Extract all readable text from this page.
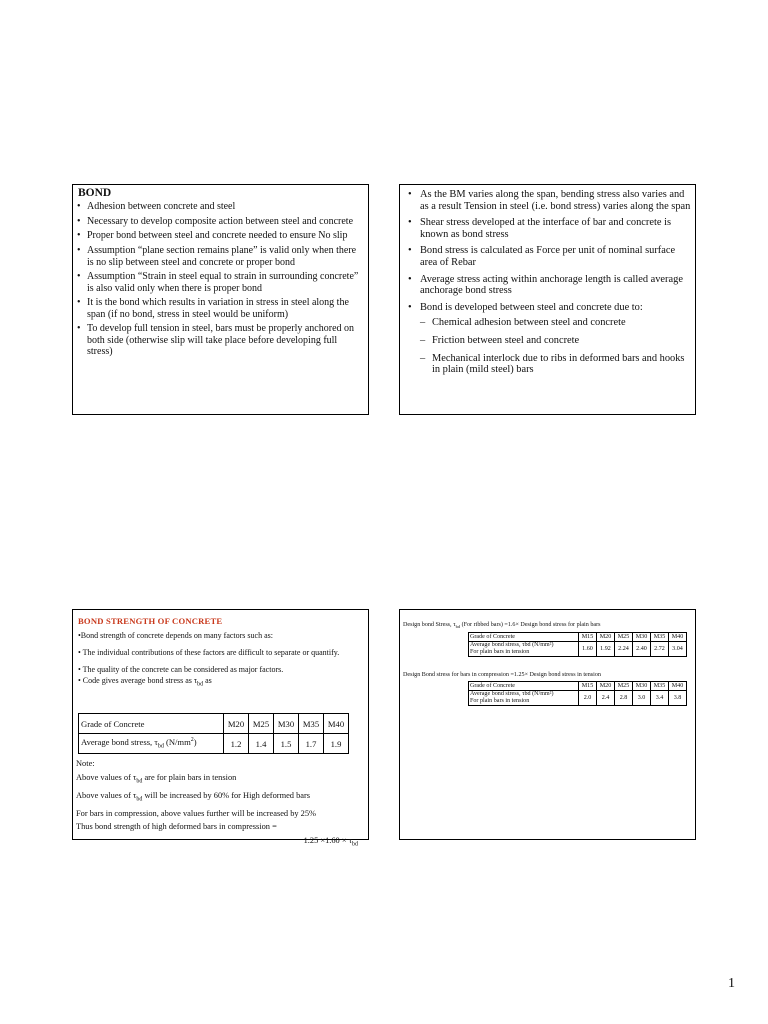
BOND
• Adhesion between concrete and steel
• Necessary to develop composite action between steel and concrete
• Proper bond between steel and concrete needed to ensure No slip
• Assumption “plane section remains plane” is valid only when there is no slip between steel and concrete or proper bond
• Assumption “Strain in steel equal to strain in surrounding concrete” is also valid only when there is proper bond
• It is the bond which results in variation in stress in steel along the span (if no bond, stress in steel would be uniform)
• To develop full tension in steel, bars must be properly anchored on both side (otherwise slip will take place before developing full stress)
• As the BM varies along the span, bending stress also varies and as a result Tension in steel (i.e. bond stress) varies along the span
• Shear stress developed at the interface of bar and concrete is known as bond stress
• Bond stress is calculated as Force per unit of nominal surface area of Rebar
• Average stress acting within anchorage length is called average anchorage bond stress
• Bond is developed between steel and concrete due to:
– Chemical adhesion between steel and concrete
– Friction between steel and concrete
– Mechanical interlock due to ribs in deformed bars and hooks in plain (mild steel) bars
BOND STRENGTH OF CONCRETE

•Bond strength of concrete depends on many factors such as:

• The individual contributions of these factors are difficult to separate or quantify.

• The quality of the concrete can be considered as major factors.

• Code gives average bond stress as $\tau_{bd}$ as

Grade of Concrete	M20	M25	M30	M35	M40
Average bond stress, $\tau_{bd}$ $(N/mm^2)$	1.2	1.4	1.5	1.7	1.9
Note:
Above values of $\tau_{bd}$ are for plain bars in tension
Above values of $\tau_{bd}$ will be increased by 60% for High deformed bars
For bars in compression, above values further will be increased by 25%
Thus bond strength of high deformed bars in compression =
$1.25 \times 1.60 \times \tau_{bd}$
Design bond Stress, $\tau_{bd}$ (For ribbed bars) =1.6× Design bond stress for plain bars
Grade of Concrete	M15	M20	M25	M30	M35	M40

Average bond stress, τbd (N/mm²)
For plain bars in tension	1.60	1.92	2.24	2.40	2.72	3.04
Design Bond stress for bars in compression =1.25× Design bond stress in tension
Grade of Concrete	M15	M20	M25	M30	M35	M40

Average bond stress, τbd (N/mm²)
For plain bars in tension	2.0	2.4	2.8	3.0	3.4	3.8
1
